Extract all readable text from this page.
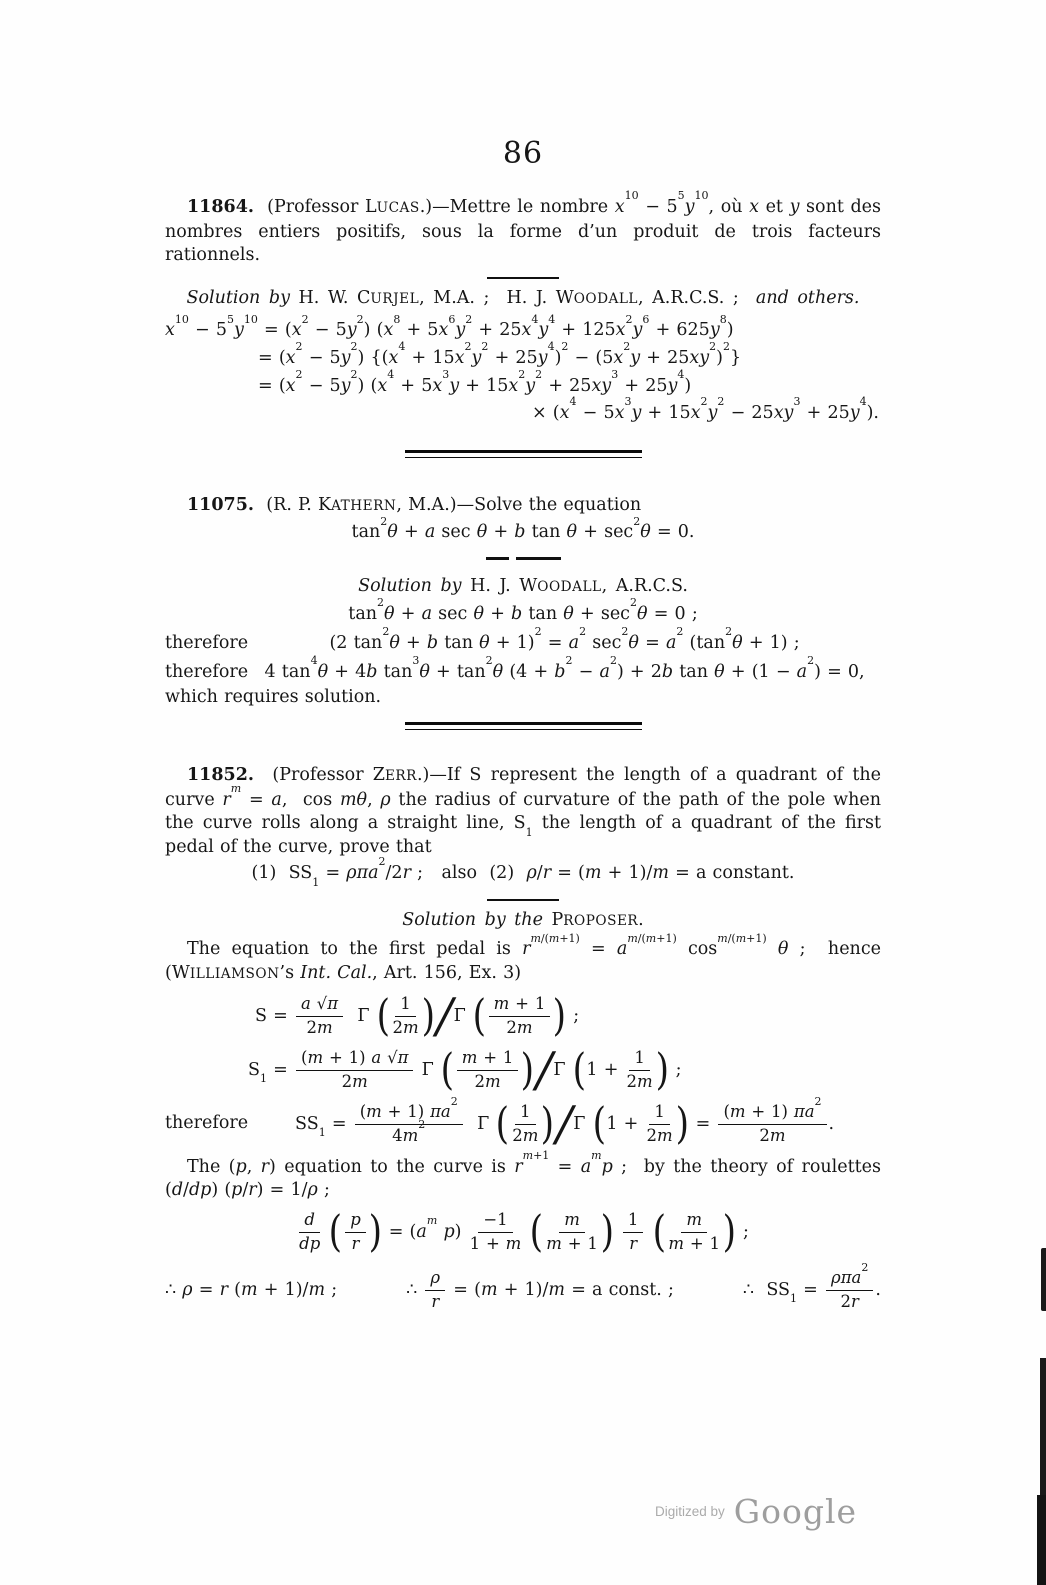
86

11864.  (Professor LUCAS.)—Mettre le nombre $x^{10} - 5^5y^{10}$, où x et y sont des nombres entiers positifs, sous la forme d’un produit de trois facteurs rationnels.

Solution by H. W. CURJEL, M.A. ;  H. J. WOODALL, A.R.C.S. ;  and others.

$x^{10} - 5^5y^{10} = (x^2 - 5y^2) (x^8 + 5x^6y^2 + 25x^4y^4 + 125x^2y^6 + 625y^8)$
= $(x^2 - 5y^2) \{(x^4 + 15x^2y^2 + 25y^4)^2 - (5x^2y + 25xy^2)^2\}$
= $(x^2 - 5y^2) (x^4 + 5x^3y + 15x^2y^2 + 25xy^3 + 25y^4)$
× $(x^4 - 5x^3y + 15x^2y^2 - 25xy^3 + 25y^4)$.

11075.  (R. P. KATHERN, M.A.)—Solve the equation

$\tan^2\theta + a$ sec θ + b $\tan \theta + \sec^2\theta = 0$.

Solution by H. J. WOODALL, A.R.C.S.

$\tan^2\theta + a$ sec θ + b $\tan \theta + \sec^2\theta = 0$ ;

therefore	(2 $\tan^2\theta + b$ $\tan \theta + 1)^2 = a^2$ $\sec^2\theta = a^2$ $(\tan^2\theta + 1)$ ;
therefore 4 $\tan^4\theta + 4b$ $\tan^3\theta + \tan^2\theta$ $(4 + b^2 - a^2) + 2b$ $\tan \theta + (1 - a^2) = 0$,

which requires solution.

11852.  (Professor ZERR.)—If S represent the length of a quadrant of the curve $r^m = a$,  cos mθ, ρ the radius of curvature of the path of the pole when the curve rolls along a straight line, $S_1$ the length of a quadrant of the first pedal of the curve, prove that

(1)  $SS_1 = \rho\pi a^2/2r$ ;   also  (2)  ρ/r = (m + 1)/m = a constant.

Solution by the PROPOSER.

The equation to the first pedal is $r^{m/(m+1)} = a^{m/(m+1)}$ $\cos^{m/(m+1)} \theta$ ;  hence (WILLIAMSON’s Int. Cal., Art. 156, Ex. 3)

$S = \frac{a √\pi}{2m}$ Γ ( $\frac{1}{2m} )/\Gamma$ ( $\frac{m + 1}{2m}$ ) ;
$S_1 = \frac{(m + 1) a √\pi}{2m}$ Γ ( $\frac{m + 1}{2m} )/\Gamma$ ($1 + \frac{1}{2m}$ ) ;
therefore	$SS_1 = \frac{(m + 1) \pi a^2}{4m^2}$ Γ ( $\frac{1}{2m} )/\Gamma$ ($1 + \frac{1}{2m}$ ) = $\frac{(m + 1) \pi a^2}{2m}$ .

The (p, r) equation to the curve is $r^{m+1} = a^mp$ ;  by the theory of roulettes (d/dp) (p/r) = 1/ρ ;

$\frac{d}{dp}$ ( $\frac{p}{r}$ ) = ($a^m$ $p) \frac{-1}{1 + m}$ ( $\frac{m}{m + 1}$ ) $\frac{1}{r}$ ( $\frac{m}{m + 1}$ ) ;
∴ ρ = r (m + 1)/m ;	∴ $\frac{\rho}{r} = (m + 1)/m = a$ const. ;	∴  $SS_1 = \frac{\rho\pi a^2}{2r}$ .
Digitized by Google
